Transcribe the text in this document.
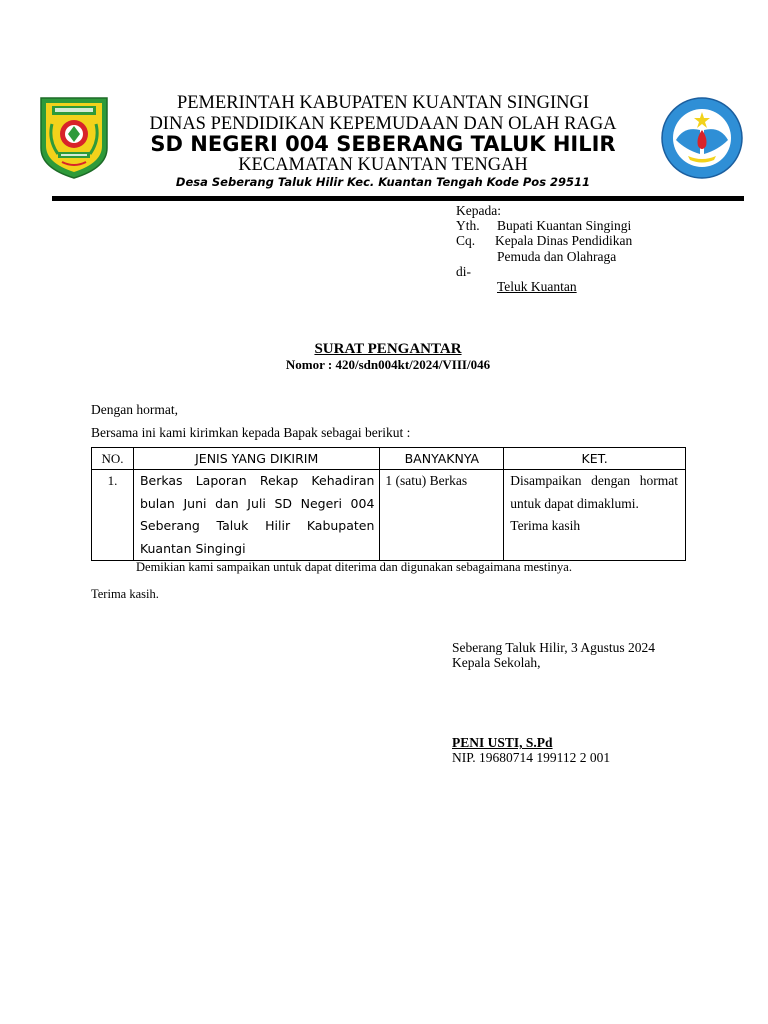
PEMERINTAH KABUPATEN KUANTAN SINGINGI
DINAS PENDIDIKAN KEPEMUDAAN DAN OLAH RAGA
SD NEGERI 004 SEBERANG TALUK HILIR
KECAMATAN KUANTAN TENGAH
Desa Seberang Taluk Hilir Kec. Kuantan Tengah Kode Pos 29511
Kepada:
Yth. Bupati Kuantan Singingi
Cq. Kepala Dinas Pendidikan
Pemuda dan Olahraga
di-
Teluk Kuantan
SURAT PENGANTAR
Nomor : 420/sdn004kt/2024/VIII/046
Dengan hormat,
Bersama ini kami kirimkan kepada Bapak sebagai berikut :
NO.	JENIS YANG DIKIRIM	BANYAKNYA	KET.
1.	Berkas Laporan Rekap Kehadiran bulan Juni dan Juli SD Negeri 004 Seberang Taluk Hilir Kabupaten Kuantan Singingi	1 (satu) Berkas	Disampaikan dengan hormat untuk dapat dimaklumi.
Terima kasih
Demikian kami sampaikan untuk dapat diterima dan digunakan sebagaimana mestinya.
Terima kasih.
Seberang Taluk Hilir, 3 Agustus 2024
Kepala Sekolah,
PENI USTI, S.Pd
NIP. 19680714 199112 2 001
